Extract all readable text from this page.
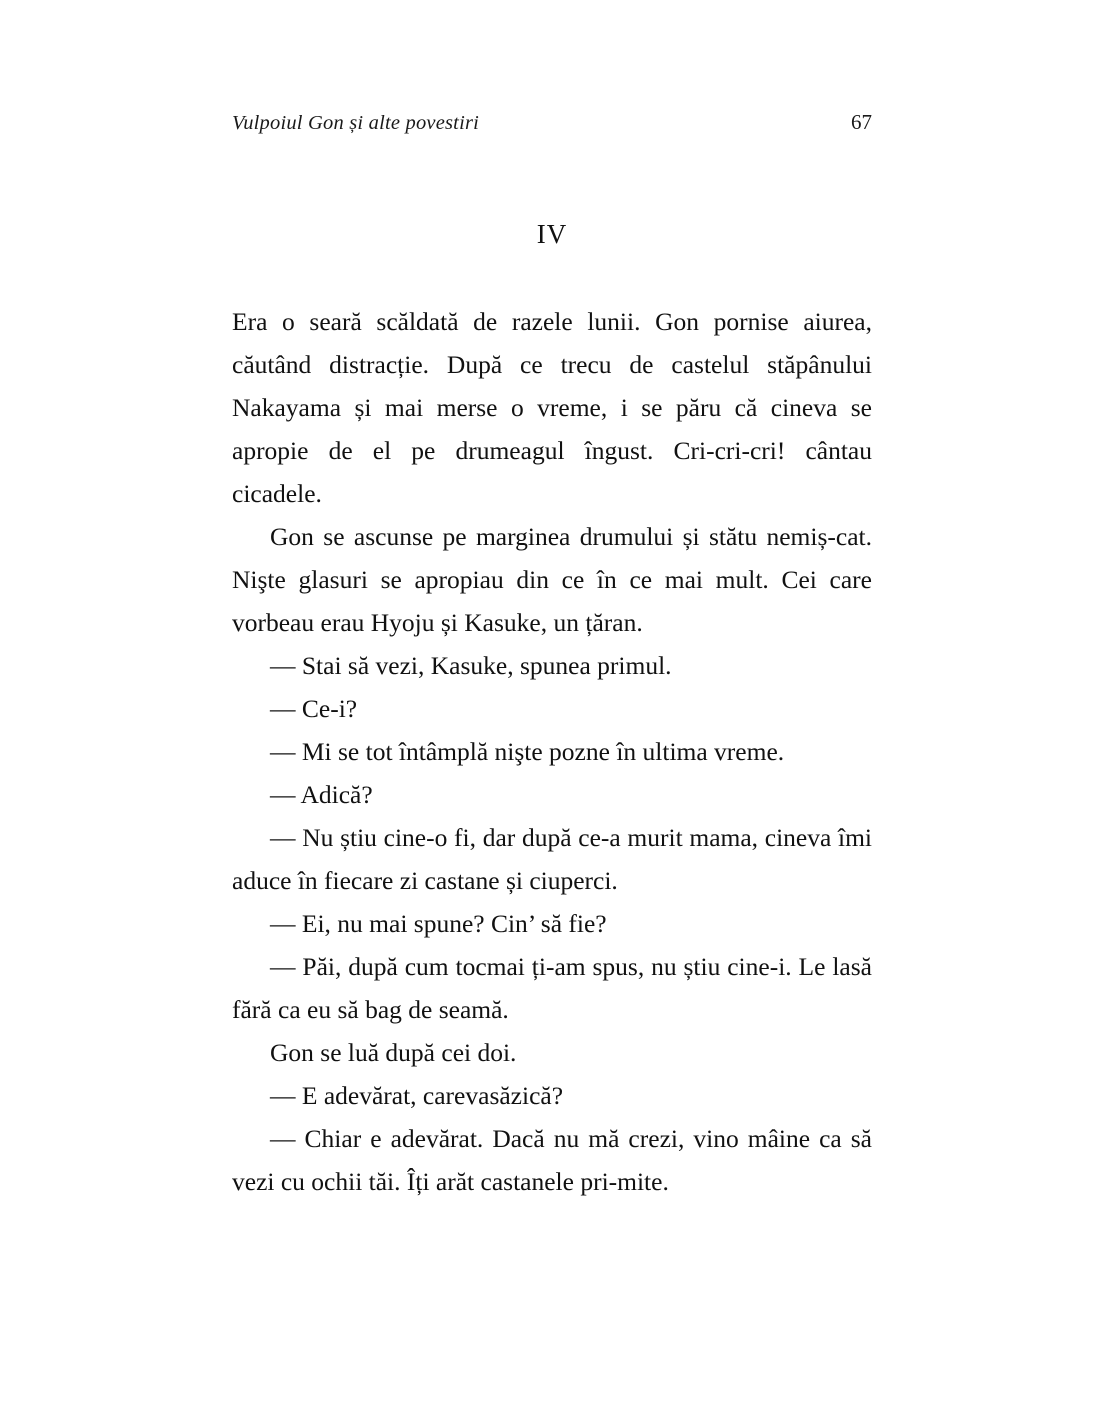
Vulpoiul Gon și alte povestiri	67
IV

Era o seară scăldată de razele lunii. Gon pornise aiurea, căutând distracție. După ce trecu de castelul stăpânului Nakayama și mai merse o vreme, i se păru că cineva se apropie de el pe drumeagul îngust. Cri-cri-cri! cântau cicadele.

Gon se ascunse pe marginea drumului și stătu nemiș-cat. Nişte glasuri se apropiau din ce în ce mai mult. Cei care vorbeau erau Hyoju și Kasuke, un țăran.

— Stai să vezi, Kasuke, spunea primul.

— Ce-i?

— Mi se tot întâmplă nişte pozne în ultima vreme.

— Adică?

— Nu știu cine-o fi, dar după ce-a murit mama, cineva îmi aduce în fiecare zi castane și ciuperci.

— Ei, nu mai spune? Cin’ să fie?

— Păi, după cum tocmai ți-am spus, nu știu cine-i. Le lasă fără ca eu să bag de seamă.

Gon se luă după cei doi.

— E adevărat, carevasăzică?

— Chiar e adevărat. Dacă nu mă crezi, vino mâine ca să vezi cu ochii tăi. Îți arăt castanele pri-mite.
